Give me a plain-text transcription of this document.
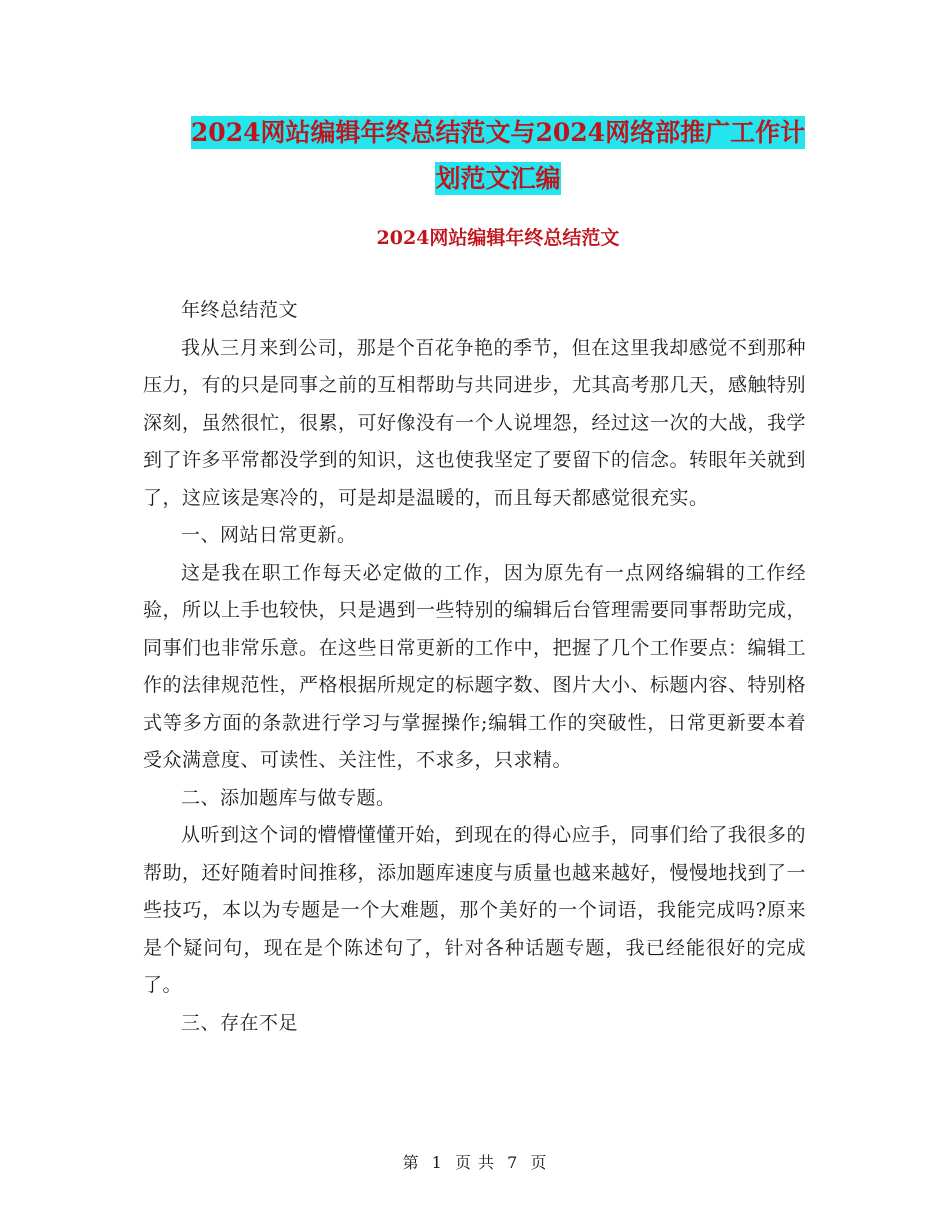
2024网站编辑年终总结范文与2024网络部推广工作计
划范文汇编
2024网站编辑年终总结范文

年终总结范文

我从三月来到公司，那是个百花争艳的季节，但在这里我却感觉不到那种压力，有的只是同事之前的互相帮助与共同进步，尤其高考那几天，感触特别深刻，虽然很忙，很累，可好像没有一个人说埋怨，经过这一次的大战，我学到了许多平常都没学到的知识，这也使我坚定了要留下的信念。转眼年关就到了，这应该是寒冷的，可是却是温暖的，而且每天都感觉很充实。

一、网站日常更新。

这是我在职工作每天必定做的工作，因为原先有一点网络编辑的工作经验，所以上手也较快，只是遇到一些特别的编辑后台管理需要同事帮助完成，同事们也非常乐意。在这些日常更新的工作中，把握了几个工作要点：编辑工作的法律规范性，严格根据所规定的标题字数、图片大小、标题内容、特别格式等多方面的条款进行学习与掌握操作;编辑工作的突破性，日常更新要本着受众满意度、可读性、关注性，不求多，只求精。

二、添加题库与做专题。

从听到这个词的懵懵懂懂开始，到现在的得心应手，同事们给了我很多的帮助，还好随着时间推移，添加题库速度与质量也越来越好，慢慢地找到了一些技巧，本以为专题是一个大难题，那个美好的一个词语，我能完成吗?原来是个疑问句，现在是个陈述句了，针对各种话题专题，我已经能很好的完成了。

三、存在不足

第 1 页 共 7 页
